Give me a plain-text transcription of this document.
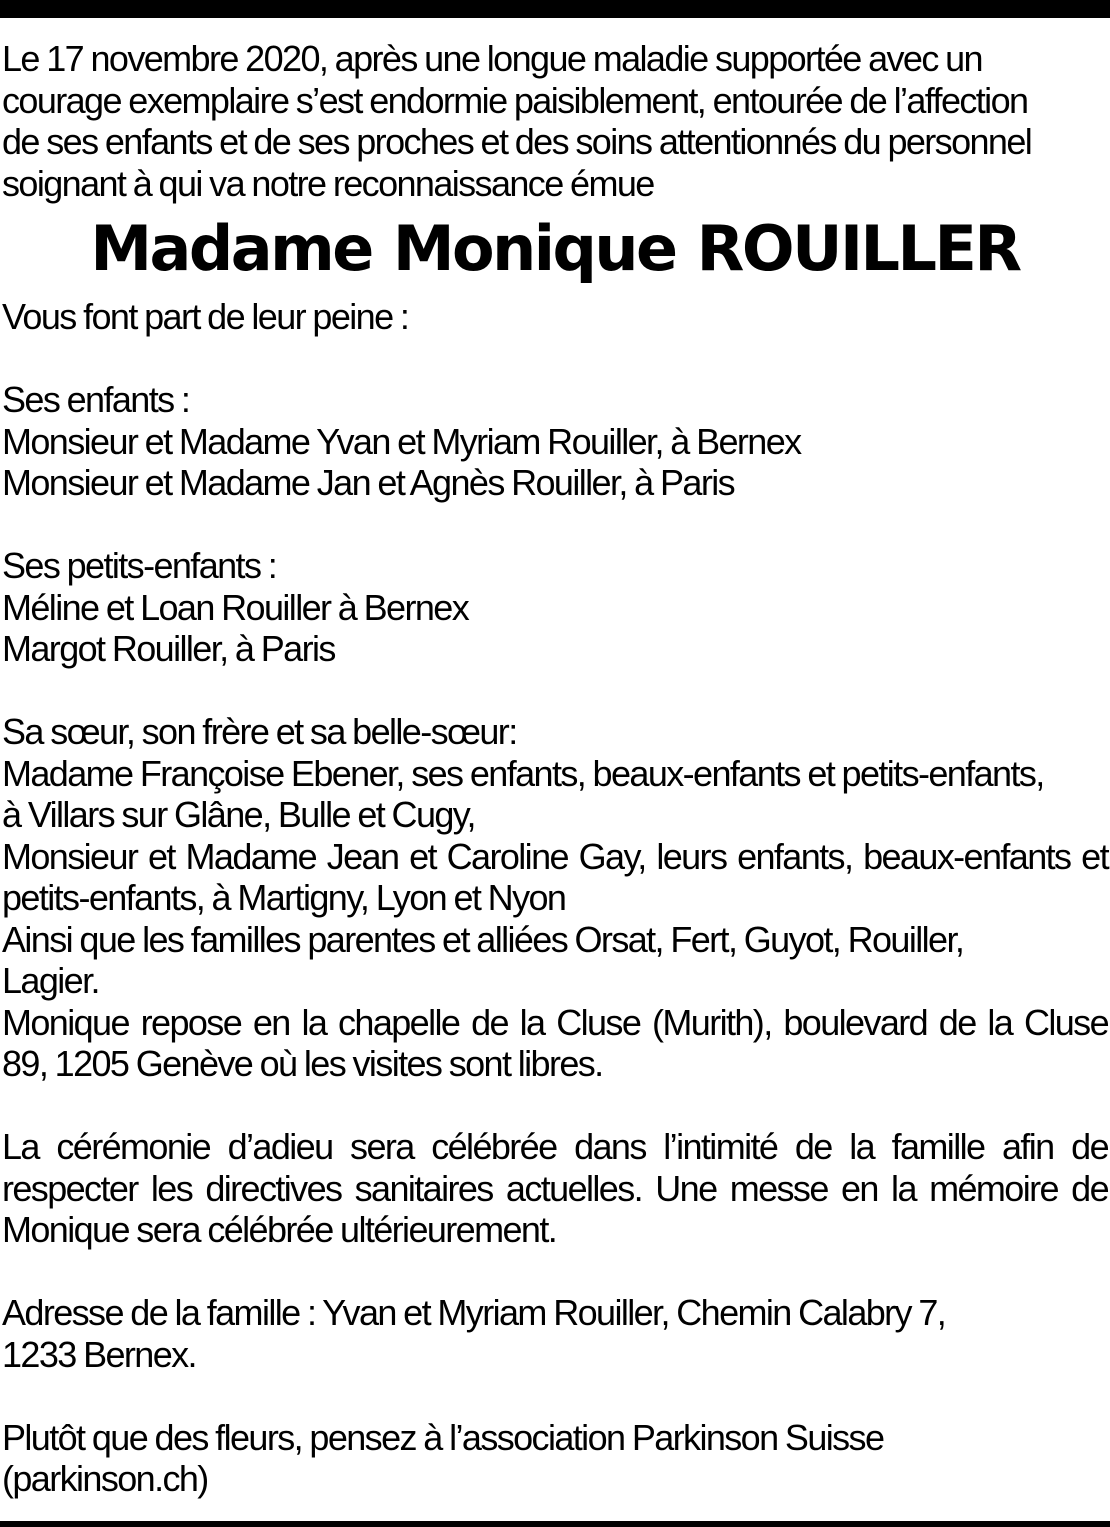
Le 17 novembre 2020, après une longue maladie supportée avec un
courage exemplaire s’est endormie paisiblement, entourée de l’affection
de ses enfants et de ses proches et des soins attentionnés du personnel
soignant à qui va notre reconnaissance émue
Madame Monique ROUILLER
Vous font part de leur peine :
Ses enfants :
Monsieur et Madame Yvan et Myriam Rouiller, à Bernex
Monsieur et Madame Jan et Agnès Rouiller, à Paris
Ses petits-enfants :
Méline et Loan Rouiller à Bernex
Margot Rouiller, à Paris
Sa sœur, son frère et sa belle-sœur:
Madame Françoise Ebener, ses enfants, beaux-enfants et petits-enfants,
à Villars sur Glâne, Bulle et Cugy,
Monsieur et Madame Jean et Caroline Gay, leurs enfants, beaux-enfants et
petits-enfants, à Martigny, Lyon et Nyon
Ainsi que les familles parentes et alliées Orsat, Fert, Guyot, Rouiller,
Lagier.
Monique repose en la chapelle de la Cluse (Murith), boulevard de la Cluse
89, 1205 Genève où les visites sont libres.
La cérémonie d’adieu sera célébrée dans l’intimité de la famille afin de
respecter les directives sanitaires actuelles. Une messe en la mémoire de
Monique sera célébrée ultérieurement.
Adresse de la famille : Yvan et Myriam Rouiller, Chemin Calabry 7,
1233 Bernex.
Plutôt que des fleurs, pensez à l’association Parkinson Suisse
(parkinson.ch)
